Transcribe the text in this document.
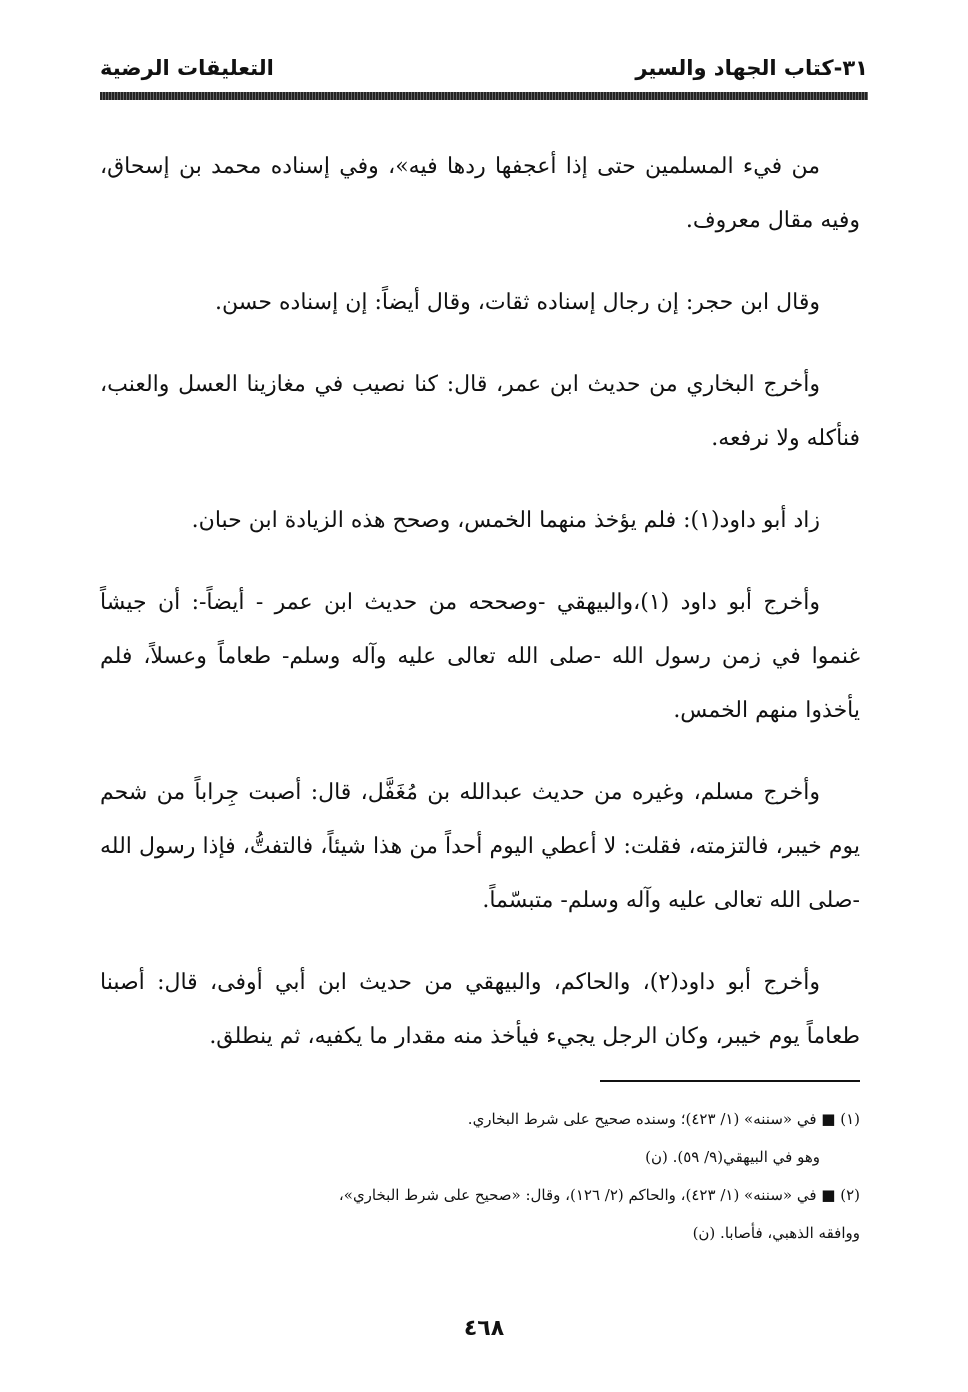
٣١-كتاب الجهاد والسير
التعليقات الرضية

من فيء المسلمين حتى إذا أعجفها ردها فيه»، وفي إسناده محمد بن إسحاق، وفيه مقال معروف.

وقال ابن حجر: إن رجال إسناده ثقات، وقال أيضاً: إن إسناده حسن.

وأخرج البخاري من حديث ابن عمر، قال: كنا نصيب في مغازينا العسل والعنب، فنأكله ولا نرفعه.

زاد أبو داود(١): فلم يؤخذ منهما الخمس، وصحح هذه الزيادة ابن حبان.

وأخرج أبو داود (١)،والبيهقي -وصححه من حديث ابن عمر - أيضاً-: أن جيشاً غنموا في زمن رسول الله -صلى الله تعالى عليه وآله وسلم- طعاماً وعسلاً، فلم يأخذوا منهم الخمس.

وأخرج مسلم، وغيره من حديث عبدالله بن مُغَفَّل، قال: أصبت جِراباً من شحم يوم خيبر، فالتزمته، فقلت: لا أعطي اليوم أحداً من هذا شيئاً، فالتفتُّ، فإذا رسول الله -صلى الله تعالى عليه وآله وسلم- متبسّماً.

وأخرج أبو داود(٢)، والحاكم، والبيهقي من حديث ابن أبي أوفى، قال: أصبنا طعاماً يوم خيبر، وكان الرجل يجيء فيأخذ منه مقدار ما يكفيه، ثم ينطلق.

(١) ■ في «سننه» (١/ ٤٢٣)؛ وسنده صحيح على شرط البخاري.

وهو في البيهقي(٩/ ٥٩). (ن)

(٢) ■ في «سننه» (١/ ٤٢٣)، والحاكم (٢/ ١٢٦)، وقال: «صحيح على شرط البخاري»،

ووافقه الذهبي، فأصابا. (ن)

٤٦٨
